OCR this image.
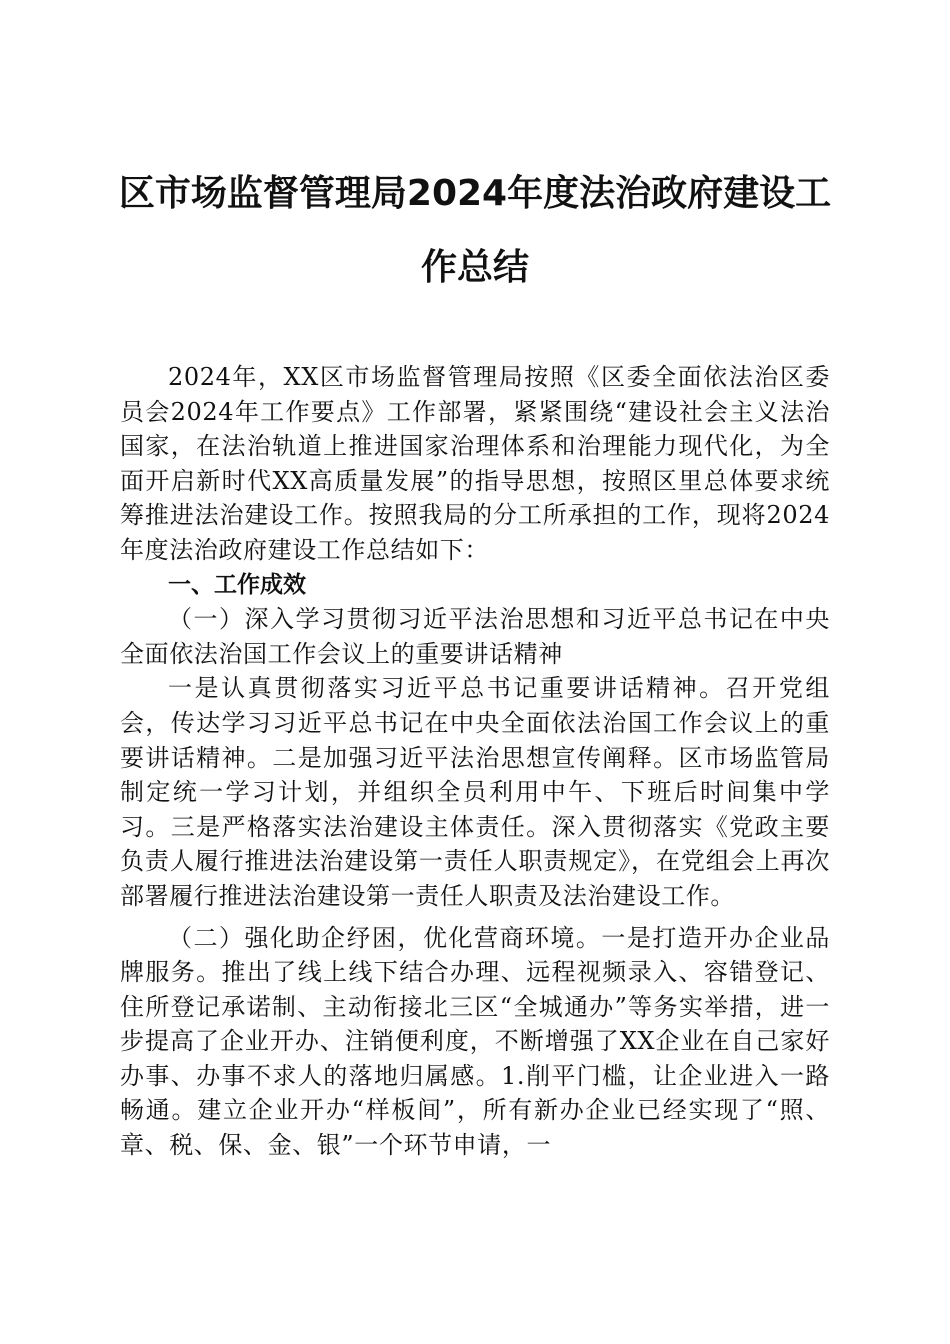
区市场监督管理局2024年度法治政府建设工
作总结

2024年，XX区市场监督管理局按照《区委全面依法治区委员会2024年工作要点》工作部署，紧紧围绕“建设社会主义法治国家，在法治轨道上推进国家治理体系和治理能力现代化，为全面开启新时代XX高质量发展”的指导思想，按照区里总体要求统筹推进法治建设工作。按照我局的分工所承担的工作，现将2024年度法治政府建设工作总结如下：

一、工作成效

（一）深入学习贯彻习近平法治思想和习近平总书记在中央全面依法治国工作会议上的重要讲话精神

一是认真贯彻落实习近平总书记重要讲话精神。召开党组会，传达学习习近平总书记在中央全面依法治国工作会议上的重要讲话精神。二是加强习近平法治思想宣传阐释。区市场监管局制定统一学习计划，并组织全员利用中午、下班后时间集中学习。三是严格落实法治建设主体责任。深入贯彻落实《党政主要负责人履行推进法治建设第一责任人职责规定》，在党组会上再次部署履行推进法治建设第一责任人职责及法治建设工作。

（二）强化助企纾困，优化营商环境。一是打造开办企业品牌服务。推出了线上线下结合办理、远程视频录入、容错登记、住所登记承诺制、主动衔接北三区“全城通办”等务实举措，进一步提高了企业开办、注销便利度，不断增强了XX企业在自己家好办事、办事不求人的落地归属感。1.削平门槛，让企业进入一路畅通。建立企业开办“样板间”，所有新办企业已经实现了“照、章、税、保、金、银”一个环节申请，一
